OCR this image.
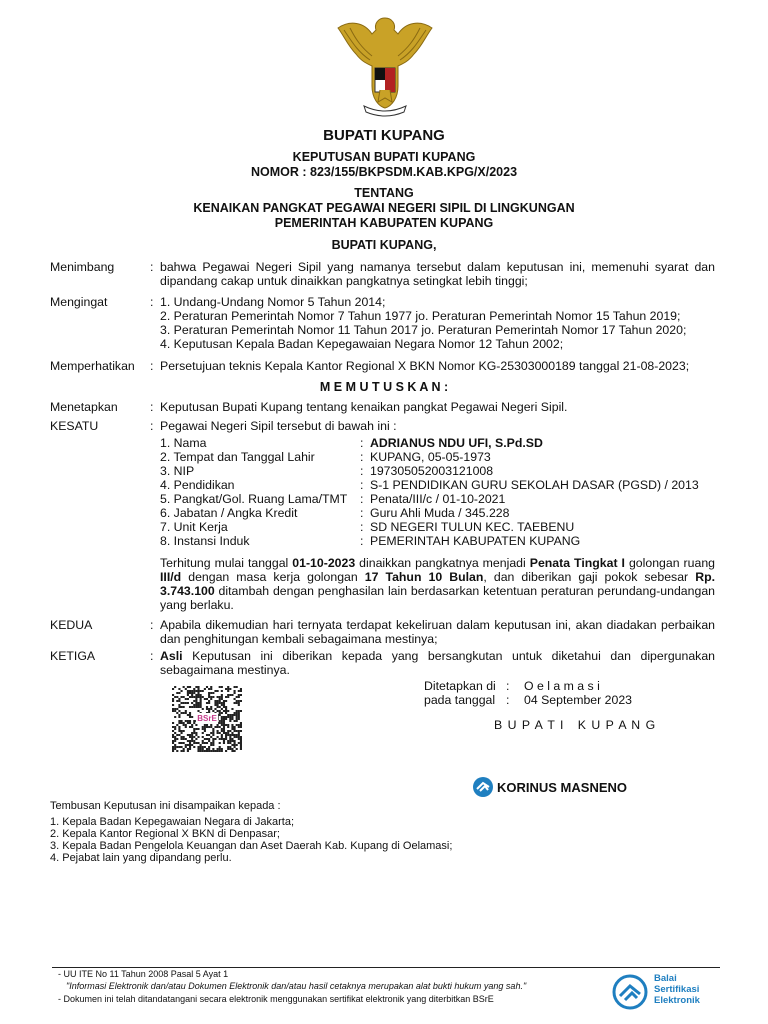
BUPATI KUPANG
KEPUTUSAN BUPATI KUPANG
NOMOR : 823/155/BKPSDM.KAB.KPG/X/2023
TENTANG
KENAIKAN PANGKAT PEGAWAI NEGERI SIPIL DI LINGKUNGAN
PEMERINTAH KABUPATEN KUPANG
BUPATI KUPANG,
Menimbang	: bahwa Pegawai Negeri Sipil yang namanya tersebut dalam keputusan ini, memenuhi syarat dan dipandang cakap untuk dinaikkan pangkatnya setingkat lebih tinggi;
Mengingat	: 1. Undang-Undang Nomor 5 Tahun 2014;
2. Peraturan Pemerintah Nomor 7 Tahun 1977 jo. Peraturan Pemerintah Nomor 15 Tahun 2019;
3. Peraturan Pemerintah Nomor 11 Tahun 2017 jo. Peraturan Pemerintah Nomor 17 Tahun 2020;
4. Keputusan Kepala Badan Kepegawaian Negara Nomor 12 Tahun 2002;
Memperhatikan : Persetujuan teknis Kepala Kantor Regional X BKN Nomor KG-25303000189 tanggal 21-08-2023;
M E M U T U S K A N :
Menetapkan	: Keputusan Bupati Kupang tentang kenaikan pangkat Pegawai Negeri Sipil.
KESATU	: Pegawai Negeri Sipil tersebut di bawah ini :
1. Nama	: ADRIANUS NDU UFI, S.Pd.SD
2. Tempat dan Tanggal Lahir	: KUPANG, 05-05-1973
3. NIP	: 197305052003121008
4. Pendidikan	: S-1 PENDIDIKAN GURU SEKOLAH DASAR (PGSD) / 2013
5. Pangkat/Gol. Ruang Lama/TMT : Penata/III/c / 01-10-2021
6. Jabatan / Angka Kredit	: Guru Ahli Muda / 345.228
7. Unit Kerja	: SD NEGERI TULUN KEC. TAEBENU
8. Instansi Induk	: PEMERINTAH KABUPATEN KUPANG
Terhitung mulai tanggal 01-10-2023 dinaikkan pangkatnya menjadi Penata Tingkat I golongan ruang III/d dengan masa kerja golongan 17 Tahun 10 Bulan, dan diberikan gaji pokok sebesar Rp. 3.743.100 ditambah dengan penghasilan lain berdasarkan ketentuan peraturan perundang-undangan yang berlaku.
KEDUA	: Apabila dikemudian hari ternyata terdapat kekeliruan dalam keputusan ini, akan diadakan perbaikan dan penghitungan kembali sebagaimana mestinya;
KETIGA	: Asli Keputusan ini diberikan kepada yang bersangkutan untuk diketahui dan dipergunakan sebagaimana mestinya.
Ditetapkan di : O e l a m a s i
pada tanggal : 04 September 2023
B U P A T I   K U P A N G
BSrE
KORINUS MASNENO
Tembusan Keputusan ini disampaikan kepada :
1. Kepala Badan Kepegawaian Negara di Jakarta;
2. Kepala Kantor Regional X BKN di Denpasar;
3. Kepala Badan Pengelola Keuangan dan Aset Daerah Kab. Kupang di Oelamasi;
4. Pejabat lain yang dipandang perlu.
- UU ITE No 11 Tahun 2008 Pasal 5 Ayat 1
"Informasi Elektronik dan/atau Dokumen Elektronik dan/atau hasil cetaknya merupakan alat bukti hukum yang sah."
- Dokumen ini telah ditandatangani secara elektronik menggunakan sertifikat elektronik yang diterbitkan BSrE
Balai
Sertifikasi
Elektronik
